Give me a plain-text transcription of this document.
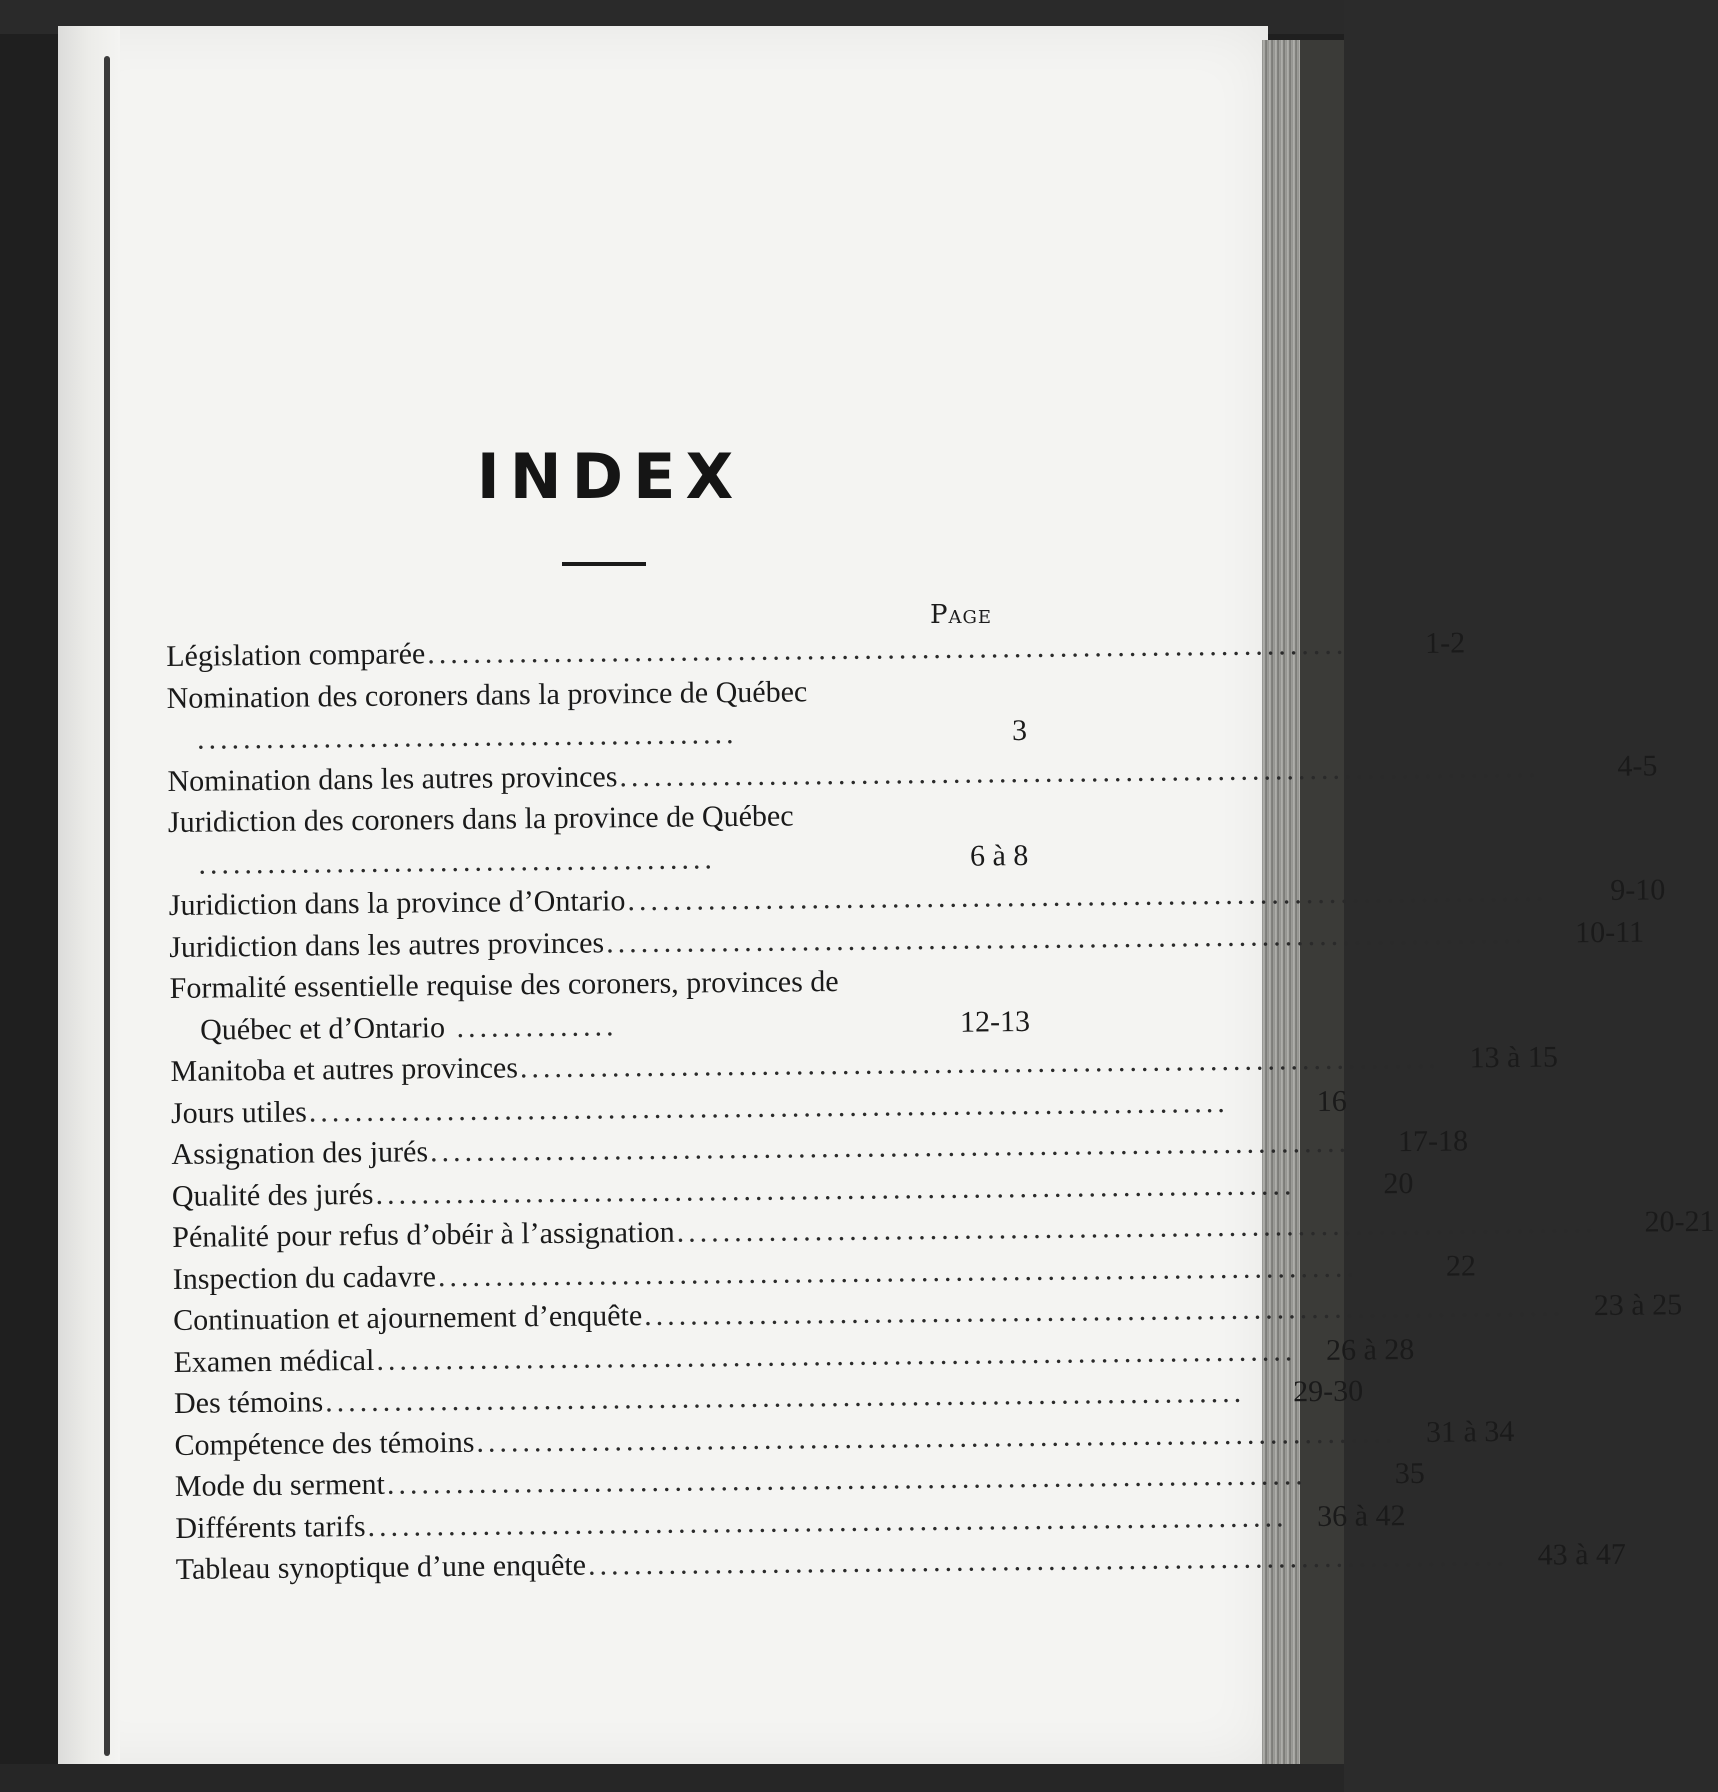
INDEX
Page
Législation comparée ................................................................................	1-2
Nomination des coroners dans la province de Québec ...............................................	3
Nomination dans les autres provinces ................................................................................	4-5
Juridiction des coroners dans la province de Québec .............................................	6 à 8
Juridiction dans la province d’Ontario ................................................................................	9-10
Juridiction dans les autres provinces ................................................................................	10-11
Formalité essentielle requise des coroners, provinces de Québec et d’Ontario ..............	12-13
Manitoba et autres provinces ................................................................................ 13 à 15
Jours utiles ................................................................................	16
Assignation des jurés ................................................................................	17-18
Qualité des jurés ................................................................................	20
Pénalité pour refus d’obéir à l’assignation ................................................................................	20-21
Inspection du cadavre ................................................................................	22
Continuation et ajournement d’enquête ................................................................................ 23 à 25
Examen médical ................................................................................ 26 à 28
Des témoins ................................................................................	29-30
Compétence des témoins ................................................................................ 31 à 34
Mode du serment ................................................................................	35
Différents tarifs ................................................................................ 36 à 42
Tableau synoptique d’une enquête ................................................................................ 43 à 47
